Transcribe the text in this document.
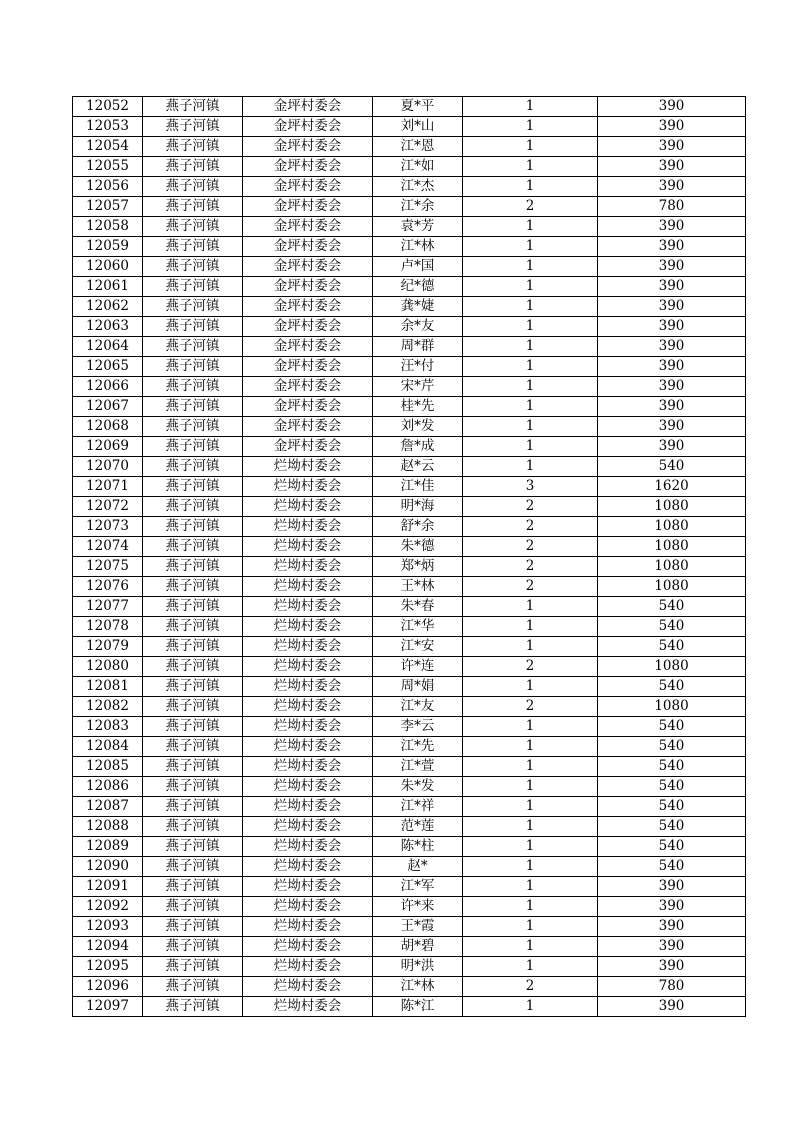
12052	燕子河镇	金坪村委会	夏*平	1	390
12053	燕子河镇	金坪村委会	刘*山	1	390
12054	燕子河镇	金坪村委会	江*恩	1	390
12055	燕子河镇	金坪村委会	江*如	1	390
12056	燕子河镇	金坪村委会	江*杰	1	390
12057	燕子河镇	金坪村委会	江*余	2	780
12058	燕子河镇	金坪村委会	袁*芳	1	390
12059	燕子河镇	金坪村委会	江*林	1	390
12060	燕子河镇	金坪村委会	卢*国	1	390
12061	燕子河镇	金坪村委会	纪*德	1	390
12062	燕子河镇	金坪村委会	龚*婕	1	390
12063	燕子河镇	金坪村委会	余*友	1	390
12064	燕子河镇	金坪村委会	周*群	1	390
12065	燕子河镇	金坪村委会	汪*付	1	390
12066	燕子河镇	金坪村委会	宋*芹	1	390
12067	燕子河镇	金坪村委会	桂*先	1	390
12068	燕子河镇	金坪村委会	刘*发	1	390
12069	燕子河镇	金坪村委会	詹*成	1	390
12070	燕子河镇	烂坳村委会	赵*云	1	540
12071	燕子河镇	烂坳村委会	江*佳	3	1620
12072	燕子河镇	烂坳村委会	明*海	2	1080
12073	燕子河镇	烂坳村委会	舒*余	2	1080
12074	燕子河镇	烂坳村委会	朱*德	2	1080
12075	燕子河镇	烂坳村委会	郑*炳	2	1080
12076	燕子河镇	烂坳村委会	王*林	2	1080
12077	燕子河镇	烂坳村委会	朱*春	1	540
12078	燕子河镇	烂坳村委会	江*华	1	540
12079	燕子河镇	烂坳村委会	江*安	1	540
12080	燕子河镇	烂坳村委会	许*连	2	1080
12081	燕子河镇	烂坳村委会	周*娟	1	540
12082	燕子河镇	烂坳村委会	江*友	2	1080
12083	燕子河镇	烂坳村委会	李*云	1	540
12084	燕子河镇	烂坳村委会	江*先	1	540
12085	燕子河镇	烂坳村委会	江*萱	1	540
12086	燕子河镇	烂坳村委会	朱*发	1	540
12087	燕子河镇	烂坳村委会	江*祥	1	540
12088	燕子河镇	烂坳村委会	范*莲	1	540
12089	燕子河镇	烂坳村委会	陈*柱	1	540
12090	燕子河镇	烂坳村委会	赵*	1	540
12091	燕子河镇	烂坳村委会	江*军	1	390
12092	燕子河镇	烂坳村委会	许*来	1	390
12093	燕子河镇	烂坳村委会	王*霞	1	390
12094	燕子河镇	烂坳村委会	胡*碧	1	390
12095	燕子河镇	烂坳村委会	明*洪	1	390
12096	燕子河镇	烂坳村委会	江*林	2	780
12097	燕子河镇	烂坳村委会	陈*江	1	390
